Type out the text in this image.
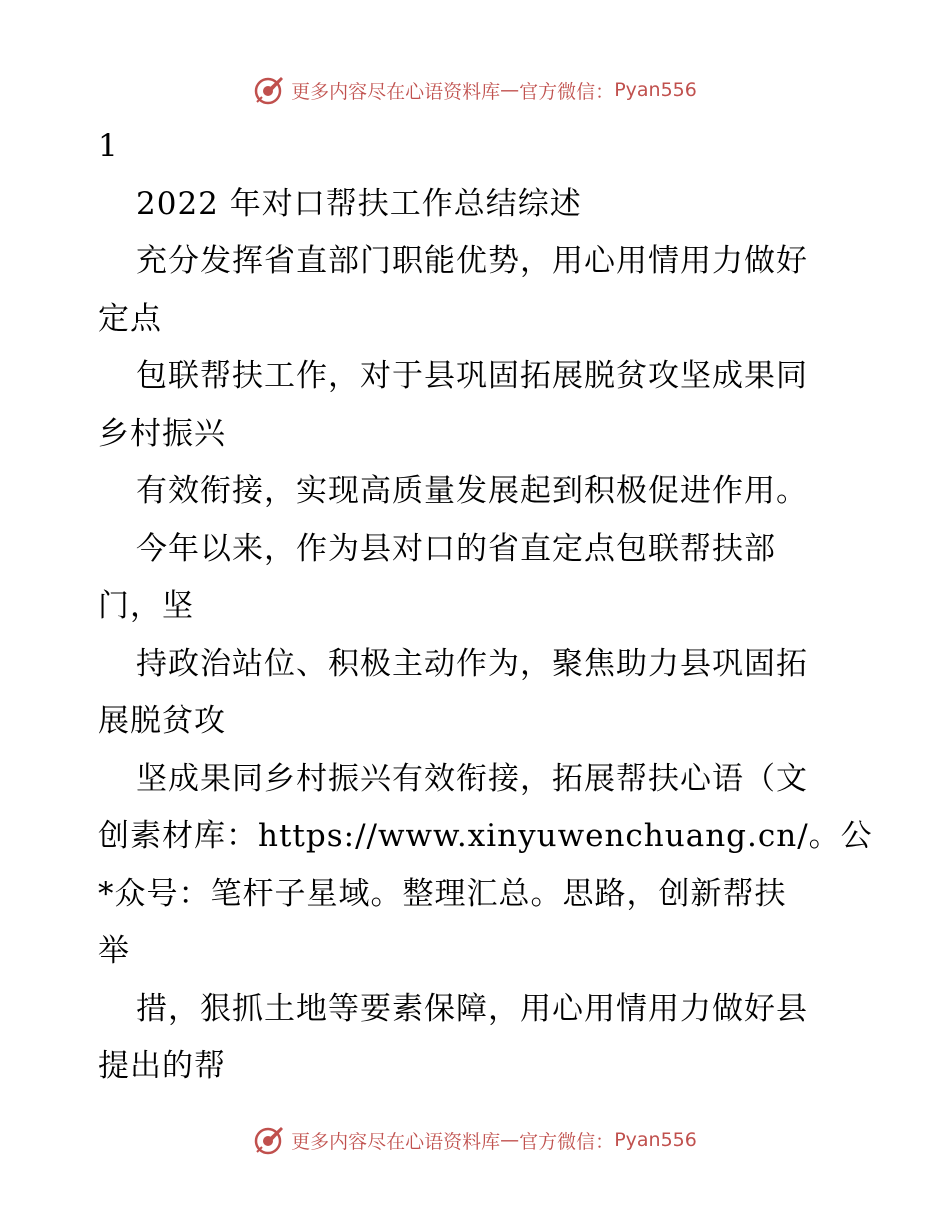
更多内容尽在心语资料库 — 官方微信： Pyan556
1
2022 年对口帮扶工作总结综述
充分发挥省直部门职能优势，用心用情用力做好
定点
包联帮扶工作，对于县巩固拓展脱贫攻坚成果同
乡村振兴
有效衔接，实现高质量发展起到积极促进作用。
今年以来，作为县对口的省直定点包联帮扶部
门，坚
持政治站位、积极主动作为，聚焦助力县巩固拓
展脱贫攻
坚成果同乡村振兴有效衔接，拓展帮扶心语（文
创素材库：https://www.xinyuwenchuang.cn/。公
*众号：笔杆子星域。整理汇总。思路，创新帮扶
举
措，狠抓土地等要素保障，用心用情用力做好县
提出的帮
更多内容尽在心语资料库 — 官方微信： Pyan556
